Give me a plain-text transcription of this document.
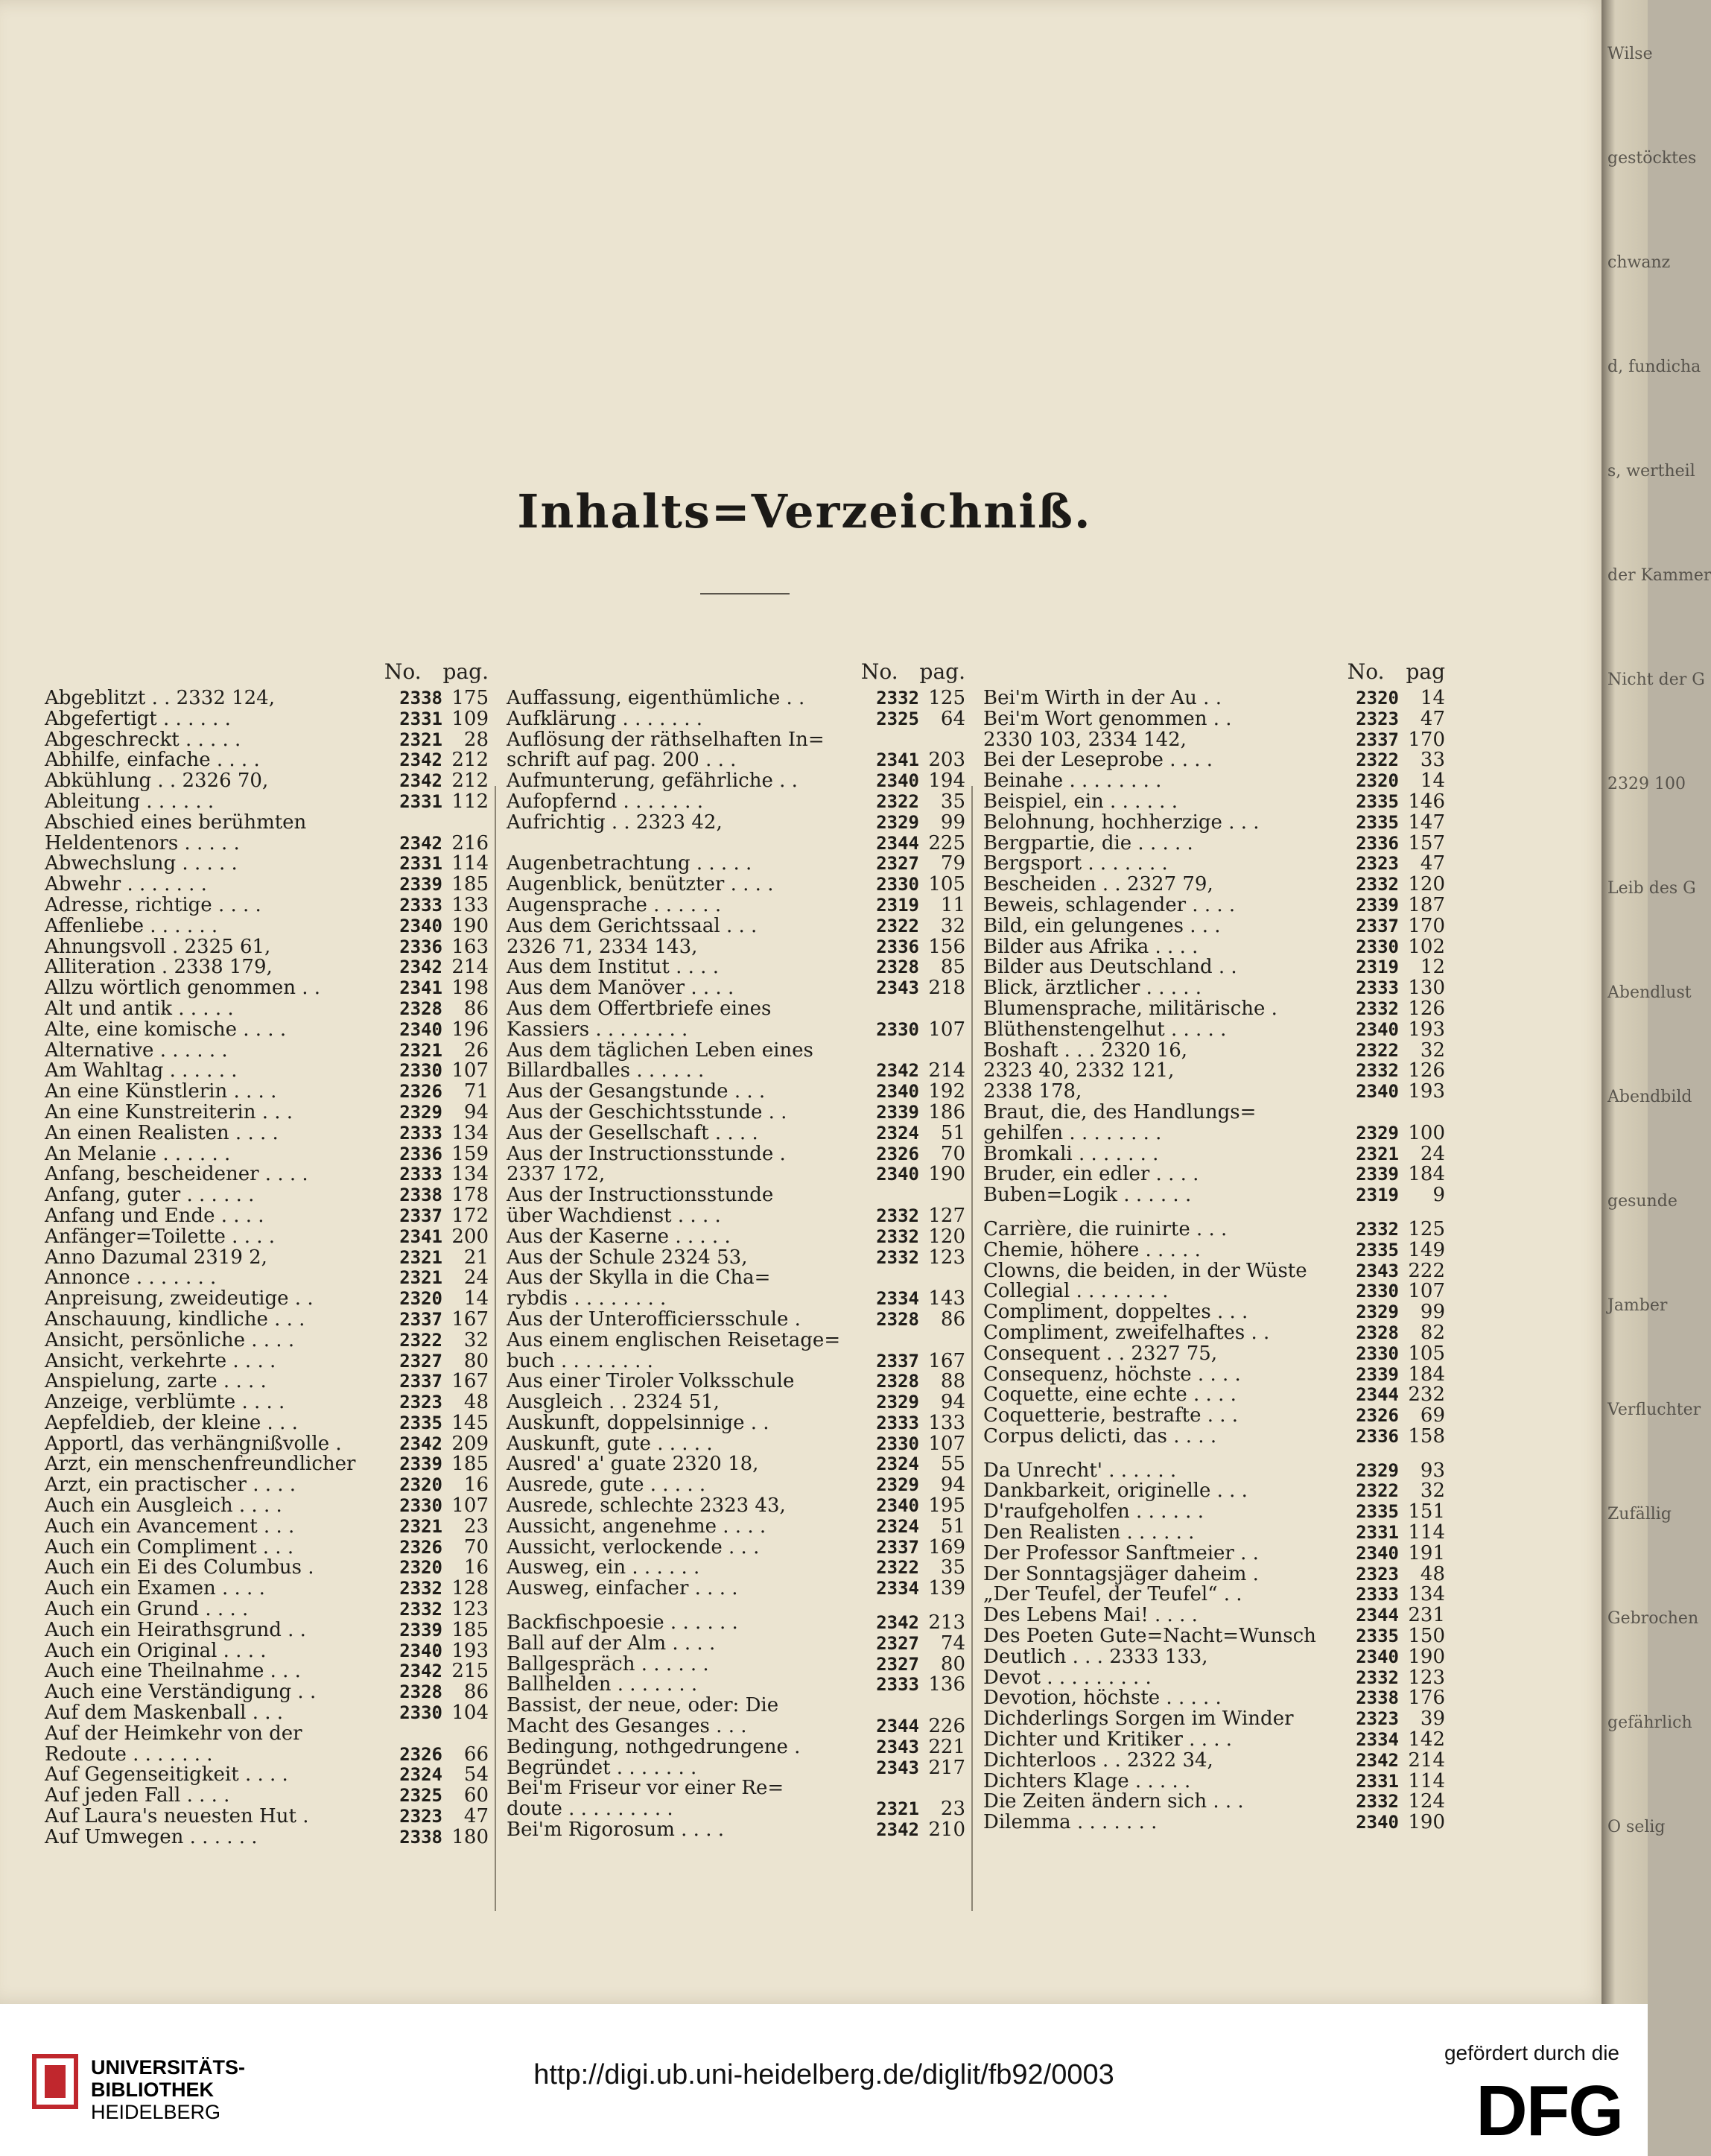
Inhalts=Verzeichniß.
No. pag.
Abgeblitzt . . 2332 124,	2338 175
Abgefertigt . . . . . .	2331 109
Abgeschreckt . . . . .	2321	28
Abhilfe, einfache . . . .	2342 212
Abkühlung . . 2326 70,	2342 212
Ableitung . . . . . .	2331 112
Abschied eines berühmten
Heldentenors . . . . .	2342 216
Abwechslung . . . . .	2331 114
Abwehr . . . . . . .	2339 185
Adresse, richtige . . . .	2333 133
Affenliebe . . . . . .	2340 190
Ahnungsvoll . 2325 61,	2336 163
Alliteration . 2338 179,	2342 214
Allzu wörtlich genommen . .	2341 198
Alt und antik . . . . .	2328	86
Alte, eine komische . . . .	2340 196
Alternative . . . . . .	2321	26
Am Wahltag . . . . . .	2330 107
An eine Künstlerin . . . .	2326	71
An eine Kunstreiterin . . .	2329	94
An einen Realisten . . . .	2333 134
An Melanie . . . . . .	2336 159
Anfang, bescheidener . . . .	2333 134
Anfang, guter . . . . . .	2338 178
Anfang und Ende . . . .	2337 172
Anfänger=Toilette . . . .	2341 200
Anno Dazumal 2319 2,	2321	21
Annonce . . . . . . .	2321	24
Anpreisung, zweideutige . .	2320	14
Anschauung, kindliche . . .	2337 167
Ansicht, persönliche . . . .	2322	32
Ansicht, verkehrte . . . .	2327	80
Anspielung, zarte . . . .	2337 167
Anzeige, verblümte . . . .	2323	48
Aepfeldieb, der kleine . . .	2335 145
Apportl, das verhängnißvolle .	2342 209
Arzt, ein menschenfreundlicher	2339 185
Arzt, ein practischer . . . .	2320	16
Auch ein Ausgleich . . . .	2330 107
Auch ein Avancement . . .	2321	23
Auch ein Compliment . . .	2326	70
Auch ein Ei des Columbus .	2320	16
Auch ein Examen . . . .	2332 128
Auch ein Grund . . . .	2332 123
Auch ein Heirathsgrund . .	2339 185
Auch ein Original . . . .	2340 193
Auch eine Theilnahme . . .	2342 215
Auch eine Verständigung . .	2328	86
Auf dem Maskenball . . .	2330 104
Auf der Heimkehr von der
Redoute . . . . . . .	2326	66
Auf Gegenseitigkeit . . . .	2324	54
Auf jeden Fall . . . .	2325	60
Auf Laura's neuesten Hut .	2323	47
Auf Umwegen . . . . . .	2338 180
No. pag.
Auffassung, eigenthümliche . .	2332 125
Aufklärung . . . . . . .	2325	64
Auflösung der räthselhaften In=
schrift auf pag. 200 . . .	2341 203
Aufmunterung, gefährliche . .	2340 194
Aufopfernd . . . . . . .	2322	35
Aufrichtig . . 2323 42,	2329	99
2344 225
Augenbetrachtung . . . . .	2327	79
Augenblick, benützter . . . .	2330 105
Augensprache . . . . . .	2319	11
Aus dem Gerichtssaal . . .	2322	32
2326 71, 2334 143,	2336 156
Aus dem Institut . . . .	2328	85
Aus dem Manöver . . . .	2343 218
Aus dem Offertbriefe eines
Kassiers . . . . . . . .	2330 107
Aus dem täglichen Leben eines
Billardballes . . . . . .	2342 214
Aus der Gesangstunde . . .	2340 192
Aus der Geschichtsstunde . .	2339 186
Aus der Gesellschaft . . . .	2324	51
Aus der Instructionsstunde .	2326	70
2337 172,	2340 190
Aus der Instructionsstunde
über Wachdienst . . . .	2332 127
Aus der Kaserne . . . . .	2332 120
Aus der Schule 2324 53,	2332 123
Aus der Skylla in die Cha=
rybdis . . . . . . . .	2334 143
Aus der Unterofficiersschule .	2328	86
Aus einem englischen Reisetage=
buch . . . . . . . .	2337 167
Aus einer Tiroler Volksschule	2328	88
Ausgleich . . 2324 51,	2329	94
Auskunft, doppelsinnige . .	2333 133
Auskunft, gute . . . . .	2330 107
Ausred' a' guate 2320 18,	2324	55
Ausrede, gute . . . . .	2329	94
Ausrede, schlechte 2323 43,	2340 195
Aussicht, angenehme . . . .	2324	51
Aussicht, verlockende . . .	2337 169
Ausweg, ein . . . . . .	2322	35
Ausweg, einfacher . . . .	2334 139
Backfischpoesie . . . . . .	2342 213
Ball auf der Alm . . . .	2327	74
Ballgespräch . . . . . .	2327	80
Ballhelden . . . . . . .	2333 136
Bassist, der neue, oder: Die
Macht des Gesanges . . .	2344 226
Bedingung, nothgedrungene .	2343 221
Begründet . . . . . . .	2343 217
Bei'm Friseur vor einer Re=
doute . . . . . . . . .	2321	23
Bei'm Rigorosum . . . .	2342 210
No. pag
Bei'm Wirth in der Au . .	2320	14
Bei'm Wort genommen . .	2323	47
2330 103, 2334 142,	2337 170
Bei der Leseprobe . . . .	2322	33
Beinahe . . . . . . . .	2320	14
Beispiel, ein . . . . . .	2335 146
Belohnung, hochherzige . . .	2335 147
Bergpartie, die . . . . .	2336 157
Bergsport . . . . . . .	2323	47
Bescheiden . . 2327 79,	2332 120
Beweis, schlagender . . . .	2339 187
Bild, ein gelungenes . . .	2337 170
Bilder aus Afrika . . . .	2330 102
Bilder aus Deutschland . .	2319	12
Blick, ärztlicher . . . . .	2333 130
Blumensprache, militärische .	2332 126
Blüthenstengelhut . . . . .	2340 193
Boshaft . . . 2320 16,	2322	32
2323 40, 2332 121,	2332 126
2338 178,	2340 193
Braut, die, des Handlungs=
gehilfen . . . . . . . .	2329 100
Bromkali . . . . . . .	2321	24
Bruder, ein edler . . . .	2339 184
Buben=Logik . . . . . .	2319	9
Carrière, die ruinirte . . .	2332 125
Chemie, höhere . . . . .	2335 149
Clowns, die beiden, in der Wüste	2343 222
Collegial . . . . . . . .	2330 107
Compliment, doppeltes . . .	2329	99
Compliment, zweifelhaftes . .	2328	82
Consequent . . 2327 75,	2330 105
Consequenz, höchste . . . .	2339 184
Coquette, eine echte . . . .	2344 232
Coquetterie, bestrafte . . .	2326	69
Corpus delicti, das . . . .	2336 158
Da Unrecht' . . . . . .	2329	93
Dankbarkeit, originelle . . .	2322	32
D'raufgeholfen . . . . . .	2335 151
Den Realisten . . . . . .	2331 114
Der Professor Sanftmeier . .	2340 191
Der Sonntagsjäger daheim .	2323	48
„Der Teufel, der Teufel“ . .	2333 134
Des Lebens Mai! . . . .	2344 231
Des Poeten Gute=Nacht=Wunsch	2335 150
Deutlich . . . 2333 133,	2340 190
Devot . . . . . . . . .	2332 123
Devotion, höchste . . . . .	2338 176
Dichderlings Sorgen im Winder	2323	39
Dichter und Kritiker . . . .	2334 142
Dichterloos . . 2322 34,	2342 214
Dichters Klage . . . . .	2331 114
Die Zeiten ändern sich . . .	2332 124
Dilemma . . . . . . .	2340 190
Wilse
gestöcktes
chwanz
d, fundicha
s, wertheil
der Kammer
Nicht der G
2329 100
Leib des G
Abendlust
Abendbild
gesunde
Jamber
Verfluchter
Zufällig
Gebrochen
gefährlich
O selig
UNIVERSITÄTS-
BIBLIOTHEK
HEIDELBERG
http://digi.ub.uni-heidelberg.de/diglit/fb92/0003
gefördert durch die
DFG
